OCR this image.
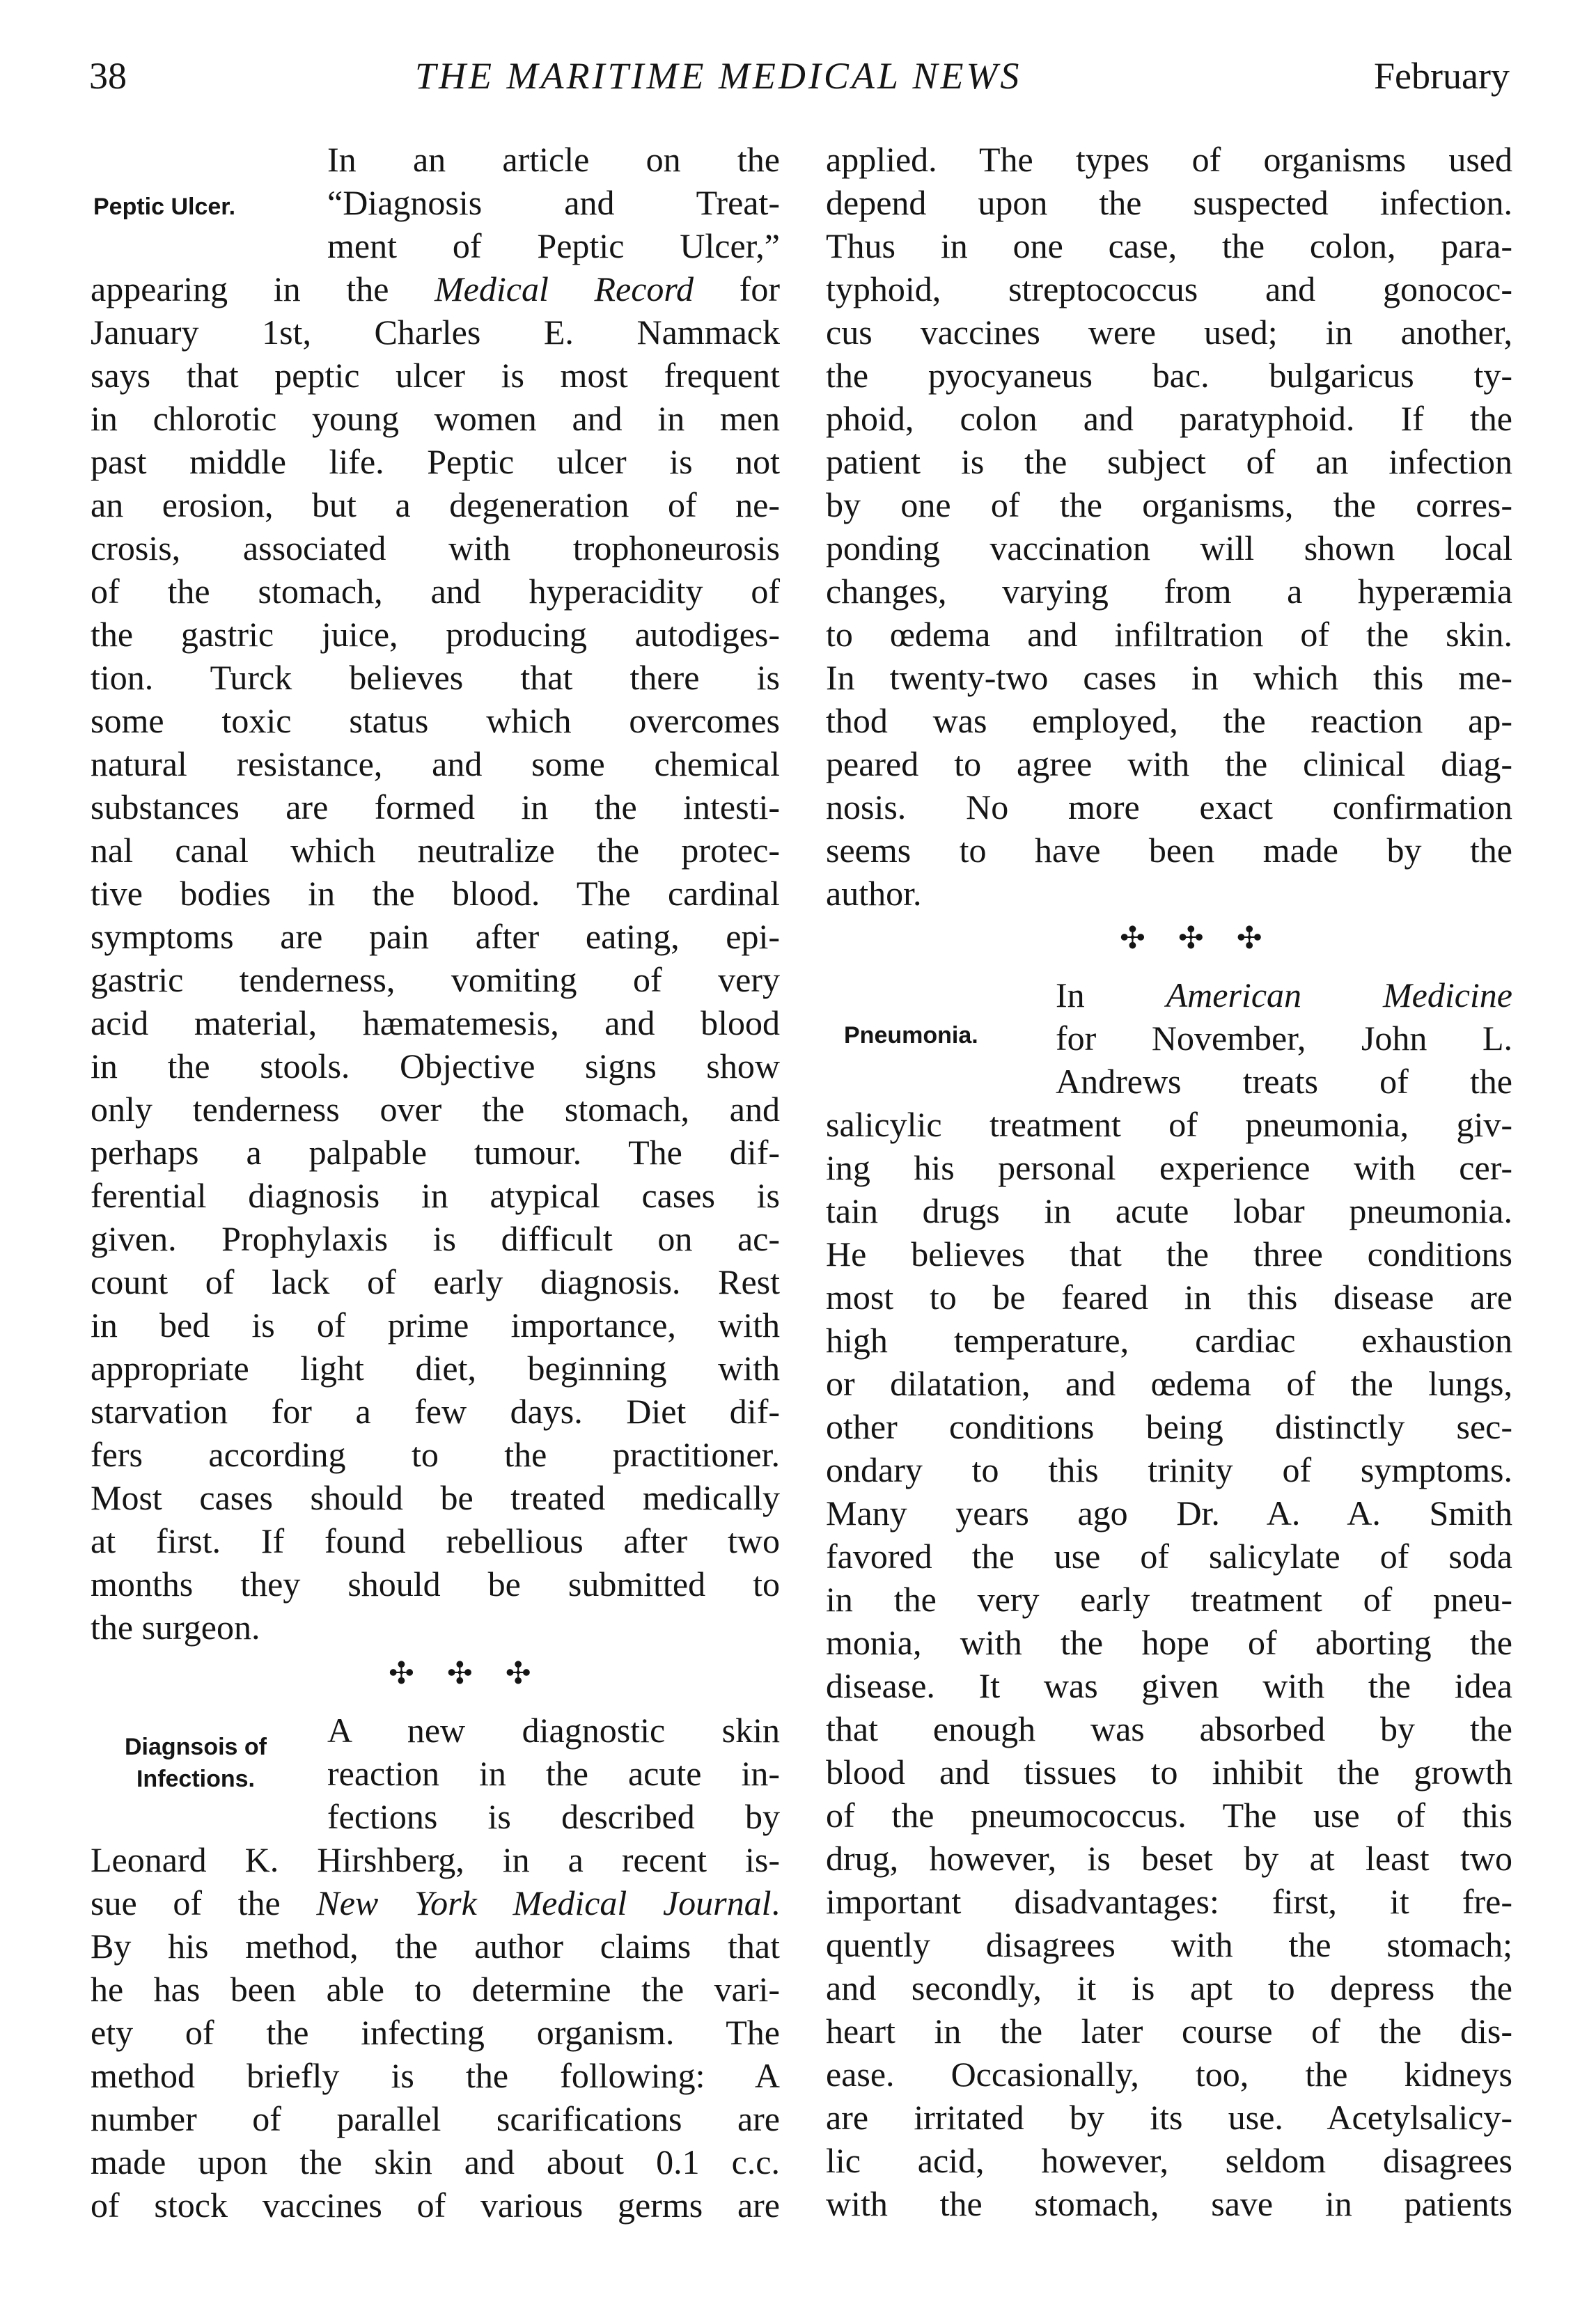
38	THE MARITIME MEDICAL NEWS	February
Peptic Ulcer.
In an article on the
“Diagnosis and Treat-
ment of Peptic Ulcer,”
appearing in the Medical Record for
January 1st, Charles E. Nammack
says that peptic ulcer is most frequent
in chlorotic young women and in men
past middle life. Peptic ulcer is not
an erosion, but a degeneration of ne-
crosis, associated with trophoneurosis
of the stomach, and hyperacidity of
the gastric juice, producing autodiges-
tion. Turck believes that there is
some toxic status which overcomes
natural resistance, and some chemical
substances are formed in the intesti-
nal canal which neutralize the protec-
tive bodies in the blood. The cardinal
symptoms are pain after eating, epi-
gastric tenderness, vomiting of very
acid material, hæmatemesis, and blood
in the stools. Objective signs show
only tenderness over the stomach, and
perhaps a palpable tumour. The dif-
ferential diagnosis in atypical cases is
given. Prophylaxis is difficult on ac-
count of lack of early diagnosis. Rest
in bed is of prime importance, with
appropriate light diet, beginning with
starvation for a few days. Diet dif-
fers according to the practitioner.
Most cases should be treated medically
at first. If found rebellious after two
months they should be submitted to
the surgeon.
✣ ✣ ✣
Diagnsois of
Infections.
A new diagnostic skin
reaction in the acute in-
fections is described by
Leonard K. Hirshberg, in a recent is-
sue of the New York Medical Journal.
By his method, the author claims that
he has been able to determine the vari-
ety of the infecting organism. The
method briefly is the following: A
number of parallel scarifications are
made upon the skin and about 0.1 c.c.
of stock vaccines of various germs are
applied. The types of organisms used
depend upon the suspected infection.
Thus in one case, the colon, para-
typhoid, streptococcus and gonococ-
cus vaccines were used; in another,
the pyocyaneus bac. bulgaricus ty-
phoid, colon and paratyphoid. If the
patient is the subject of an infection
by one of the organisms, the corres-
ponding vaccination will shown local
changes, varying from a hyperæmia
to œdema and infiltration of the skin.
In twenty-two cases in which this me-
thod was employed, the reaction ap-
peared to agree with the clinical diag-
nosis. No more exact confirmation
seems to have been made by the
author.
✣ ✣ ✣
Pneumonia.
In American Medicine
for November, John L.
Andrews treats of the
salicylic treatment of pneumonia, giv-
ing his personal experience with cer-
tain drugs in acute lobar pneumonia.
He believes that the three conditions
most to be feared in this disease are
high temperature, cardiac exhaustion
or dilatation, and œdema of the lungs,
other conditions being distinctly sec-
ondary to this trinity of symptoms.
Many years ago Dr. A. A. Smith
favored the use of salicylate of soda
in the very early treatment of pneu-
monia, with the hope of aborting the
disease. It was given with the idea
that enough was absorbed by the
blood and tissues to inhibit the growth
of the pneumococcus. The use of this
drug, however, is beset by at least two
important disadvantages: first, it fre-
quently disagrees with the stomach;
and secondly, it is apt to depress the
heart in the later course of the dis-
ease. Occasionally, too, the kidneys
are irritated by its use. Acetylsalicy-
lic acid, however, seldom disagrees
with the stomach, save in patients
